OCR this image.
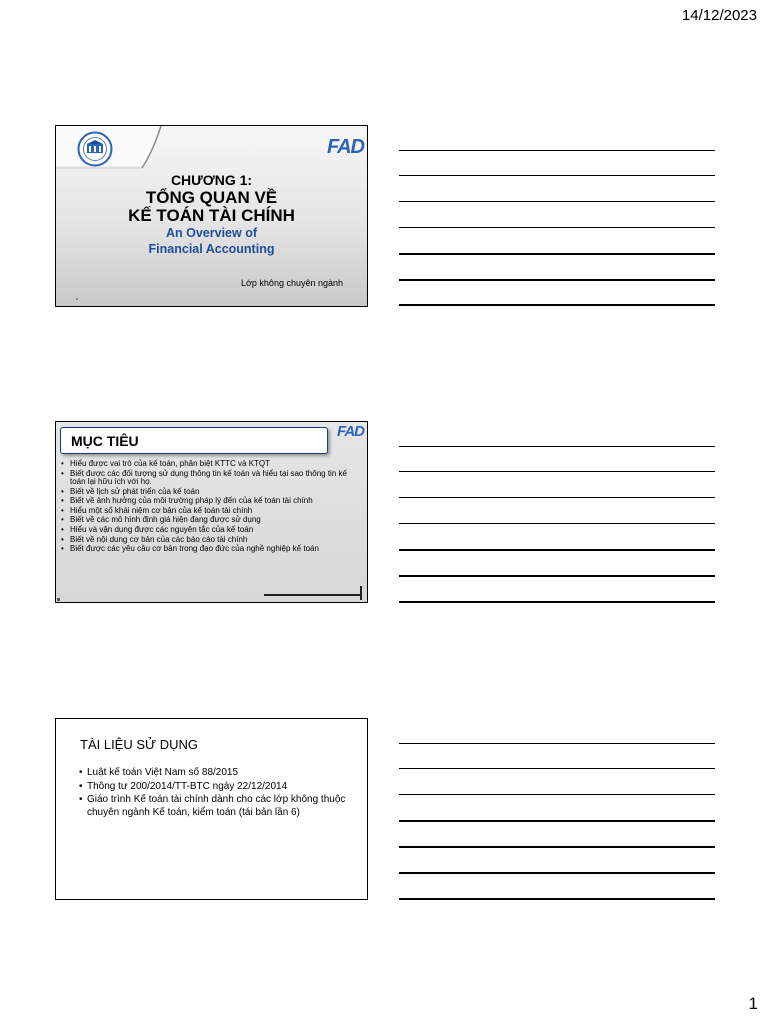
14/12/2023
FAD
CHƯƠNG 1:
TỔNG QUAN VỀ
KẾ TOÁN TÀI CHÍNH
An Overview of
Financial Accounting
Lớp không chuyên ngành
FAD
MỤC TIÊU
• Hiểu được vai trò của kế toán, phân biệt KTTC và KTQT
• Biết được các đối tượng sử dụng thông tin kế toán và hiểu tại sao thông tin kế toán lại hữu ích với họ.
• Biết về lịch sử phát triển của kế toán
• Biết về ảnh hưởng của môi trường pháp lý đến của kế toán tài chính
• Hiểu một số khái niệm cơ bản của kế toán tài chính
• Biết về các mô hình định giá hiện đang được sử dụng
• Hiểu và vận dụng được các nguyên tắc của kế toán
• Biết về nội dung cơ bản của các báo cáo tài chính
• Biết được các yêu cầu cơ bản trong đạo đức của nghề nghiệp kế toán
TÀI LIỆU SỬ DỤNG
• Luật kế toán Việt Nam số 88/2015
• Thông tư 200/2014/TT-BTC ngày 22/12/2014
• Giáo trình Kế toán tài chính dành cho các lớp không thuộc chuyên ngành Kế toán, kiểm toán (tái bản lần 6)
1
